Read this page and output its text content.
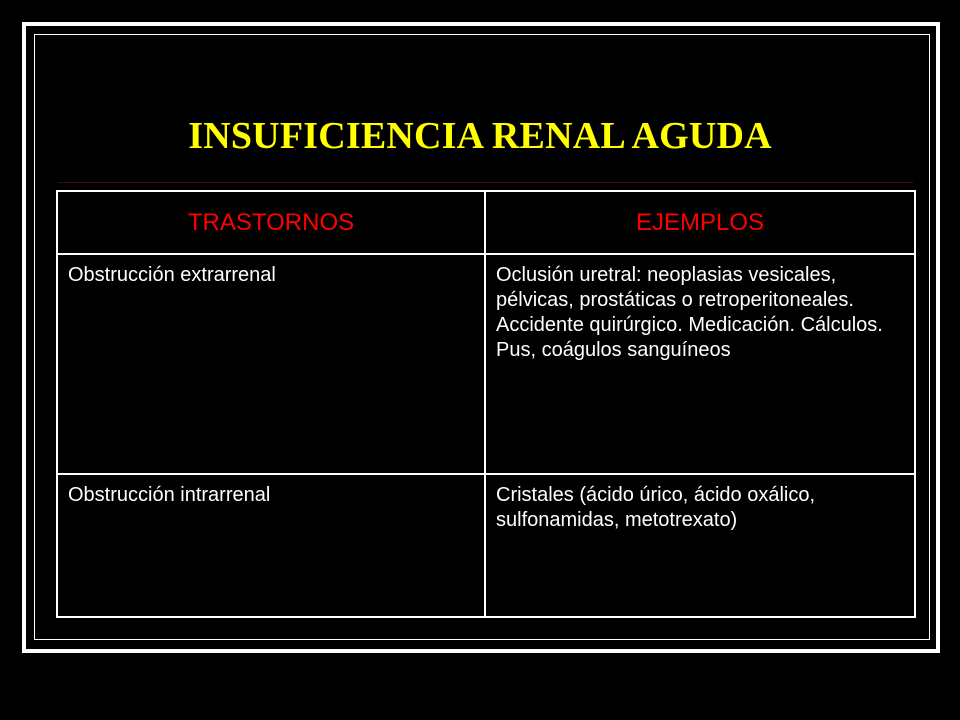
INSUFICIENCIA RENAL AGUDA
TRASTORNOS	EJEMPLOS

Obstrucción extrarrenal	Oclusión uretral: neoplasias vesicales, pélvicas, prostáticas o retroperitoneales. Accidente quirúrgico. Medicación. Cálculos. Pus, coágulos sanguíneos

Obstrucción intrarrenal	Cristales (ácido úrico, ácido oxálico, sulfonamidas, metotrexato)
